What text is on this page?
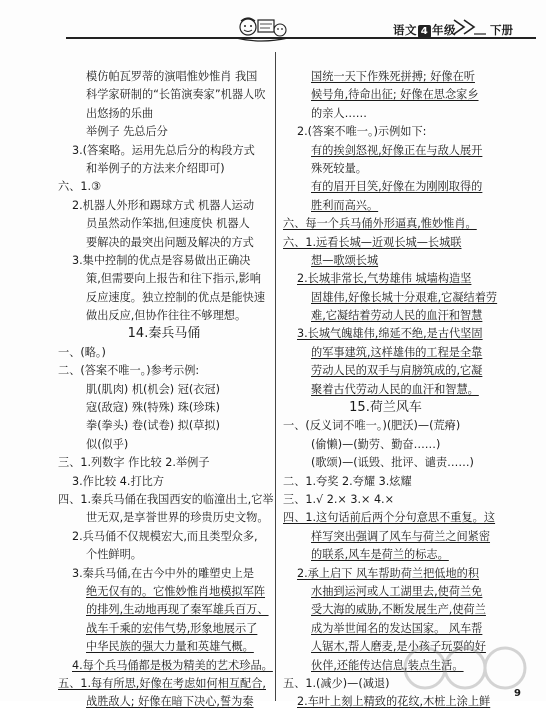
语文 4 年级	下册
模仿帕瓦罗蒂的演唱惟妙惟肖 我国
科学家研制的“长笛演奏家”机器人吹
出悠扬的乐曲
举例子 先总后分
3.(答案略。运用先总后分的构段方式
和举例子的方法来介绍即可)
六、1.③
2.机器人外形和踢球方式 机器人运动
员虽然动作笨拙,但速度快 机器人
要解决的最突出问题及解决的方式
3.集中控制的优点是容易做出正确决
策,但需要向上报告和往下指示,影响
反应速度。独立控制的优点是能快速
做出反应,但协作往往不够理想。
14.秦兵马俑
一、(略。)
二、(答案不唯一。)参考示例:
肌(肌肉) 机(机会) 冠(衣冠)
寇(敌寇) 殊(特殊) 珠(珍珠)
拳(拳头) 卷(试卷) 拟(草拟)
似(似乎)
三、1.列数字 作比较 2.举例子
3.作比较 4.打比方
四、1.秦兵马俑在我国西安的临潼出土,它举
世无双,是享誉世界的珍贵历史文物。
2.兵马俑不仅规模宏大,而且类型众多,
个性鲜明。
3.秦兵马俑,在古今中外的雕塑史上是
绝无仅有的。它惟妙惟肖地模拟军阵
的排列,生动地再现了秦军雄兵百万、
战车千乘的宏伟气势,形象地展示了
中华民族的强大力量和英雄气概。
4.每个兵马俑都是极为精美的艺术珍品。
五、1.每有所思,好像在考虑如何相互配合,
战胜敌人; 好像在暗下决心,誓为秦
国统一天下作殊死拼搏; 好像在听
候号角,待命出征; 好像在思念家乡
的亲人……
2.(答案不唯一。)示例如下:
有的挨剑怒视,好像正在与敌人展开
殊死较量。
有的眉开目笑,好像在为刚刚取得的
胜利而高兴。
六、每一个兵马俑外形逼真,惟妙惟肖。
六、1.远看长城—近观长城—长城联
想—歌颂长城
2.长城非常长,气势雄伟 城墙构造坚
固雄伟,好像长城十分艰难,它凝结着劳
难,它凝结着劳动人民的血汗和智慧
3.长城气魄雄伟,绵延不绝,是古代坚固
的军事建筑,这样雄伟的工程是全靠
劳动人民的双手与肩膀筑成的,它凝
聚着古代劳动人民的血汗和智慧。
15.荷兰风车
一、(反义词不唯一。)(肥沃)—(荒瘠)
(偷懒)—(勤劳、勤奋……)
(歌颂)—(诋毁、批评、谴责……)
二、1.夸奖 2.夸耀 3.炫耀
三、1.√ 2.× 3.× 4.×
四、1.这句话前后两个分句意思不重复。这
样写突出强调了风车与荷兰之间紧密
的联系,风车是荷兰的标志。
2.承上启下 风车帮助荷兰把低地的积
水抽到运河或人工湖里去,使荷兰免
受大海的威胁,不断发展生产,使荷兰
成为举世闻名的发达国家。 风车帮
人锯木,帮人磨麦,是小孩子玩耍的好
伙伴,还能传达信息,装点生活。
五、1.(减少)—(减退)
2.车叶上刻上精致的花纹,木桩上涂上鲜
9
